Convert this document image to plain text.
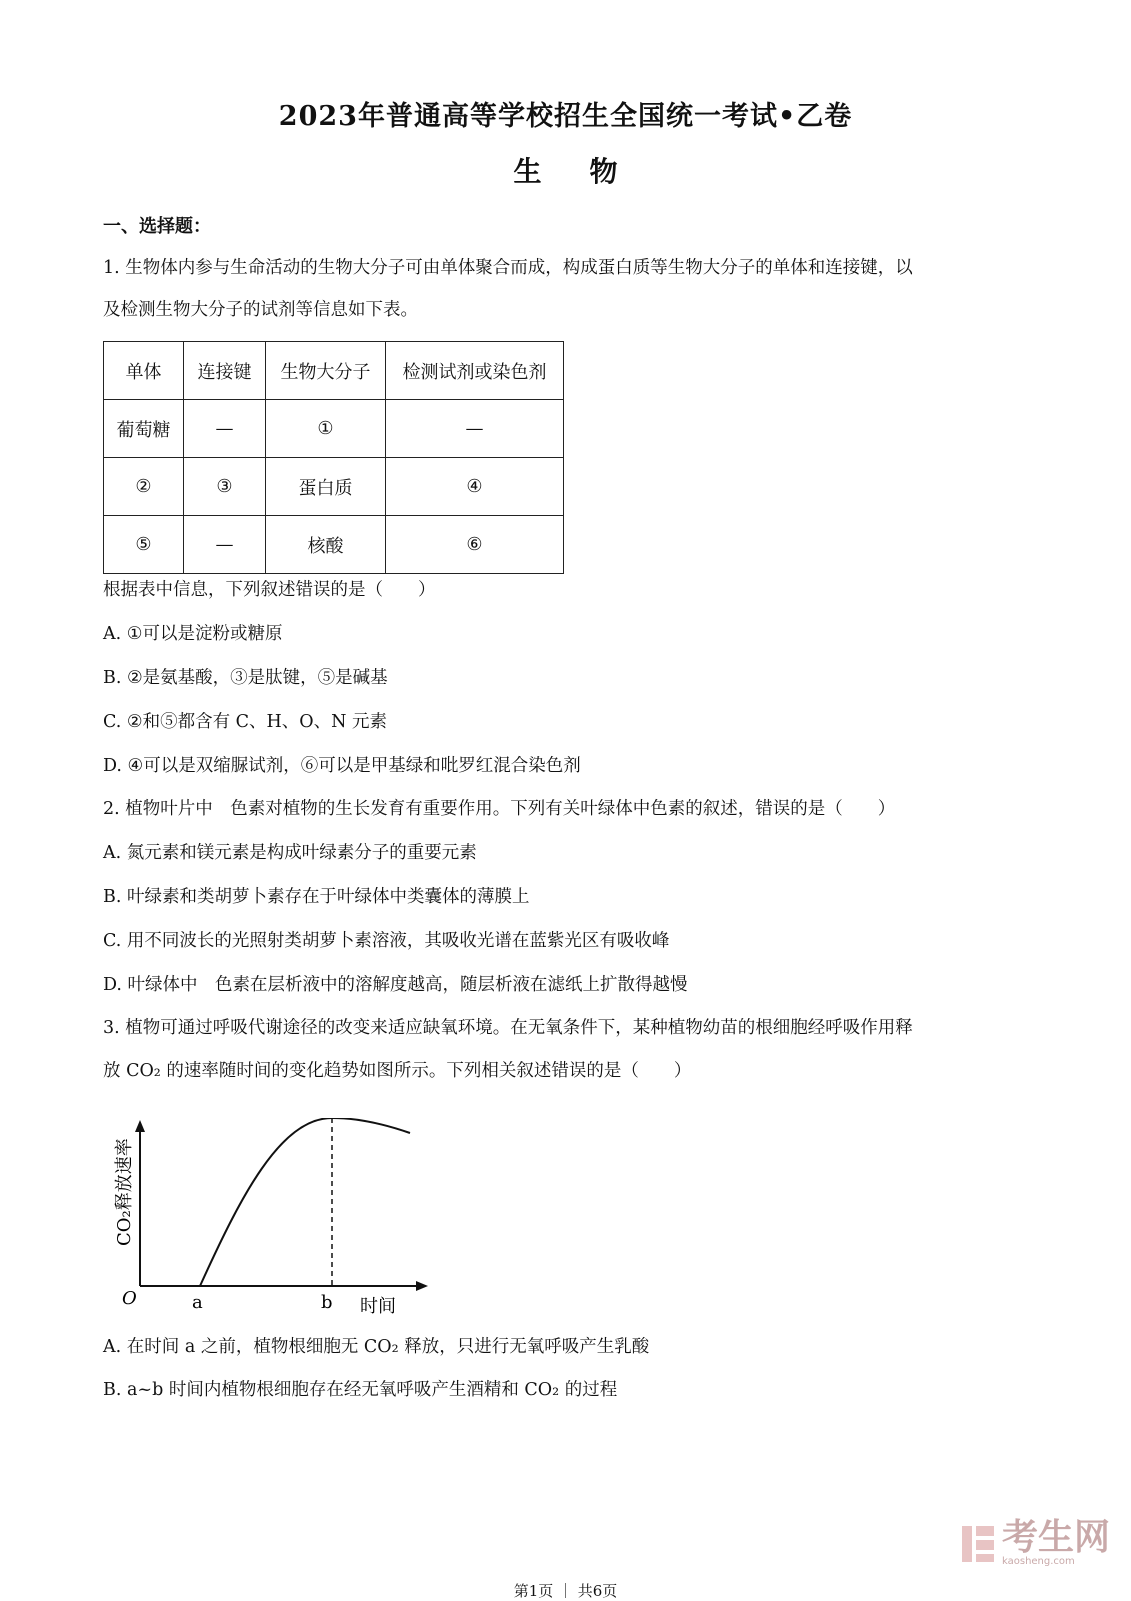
2023年普通高等学校招生全国统一考试•乙卷
生 物
一、选择题：
1. 生物体内参与生命活动的生物大分子可由单体聚合而成，构成蛋白质等生物大分子的单体和连接键，以
及检测生物大分子的试剂等信息如下表。
单体	连接键	生物大分子	检测试剂或染色剂
葡萄糖	—	①	—
②	③	蛋白质	④
⑤	—	核酸	⑥
根据表中信息，下列叙述错误的是（　　）
A. ①可以是淀粉或糖原
B. ②是氨基酸，③是肽键，⑤是碱基
C. ②和⑤都含有 C、H、O、N 元素
D. ④可以是双缩脲试剂，⑥可以是甲基绿和吡罗红混合染色剂
2. 植物叶片中　色素对植物的生长发育有重要作用。下列有关叶绿体中色素的叙述，错误的是（　　）
A. 氮元素和镁元素是构成叶绿素分子的重要元素
B. 叶绿素和类胡萝卜素存在于叶绿体中类囊体的薄膜上
C. 用不同波长的光照射类胡萝卜素溶液，其吸收光谱在蓝紫光区有吸收峰
D. 叶绿体中　色素在层析液中的溶解度越高，随层析液在滤纸上扩散得越慢
3. 植物可通过呼吸代谢途径的改变来适应缺氧环境。在无氧条件下，某种植物幼苗的根细胞经呼吸作用释
放 CO₂ 的速率随时间的变化趋势如图所示。下列相关叙述错误的是（　　）
O	a	b 时间
CO₂释放速率
A. 在时间 a 之前，植物根细胞无 CO₂ 释放，只进行无氧呼吸产生乳酸
B. a~b 时间内植物根细胞存在经无氧呼吸产生酒精和 CO₂ 的过程
考生网
kaosheng.com
第1页 ｜ 共6页
